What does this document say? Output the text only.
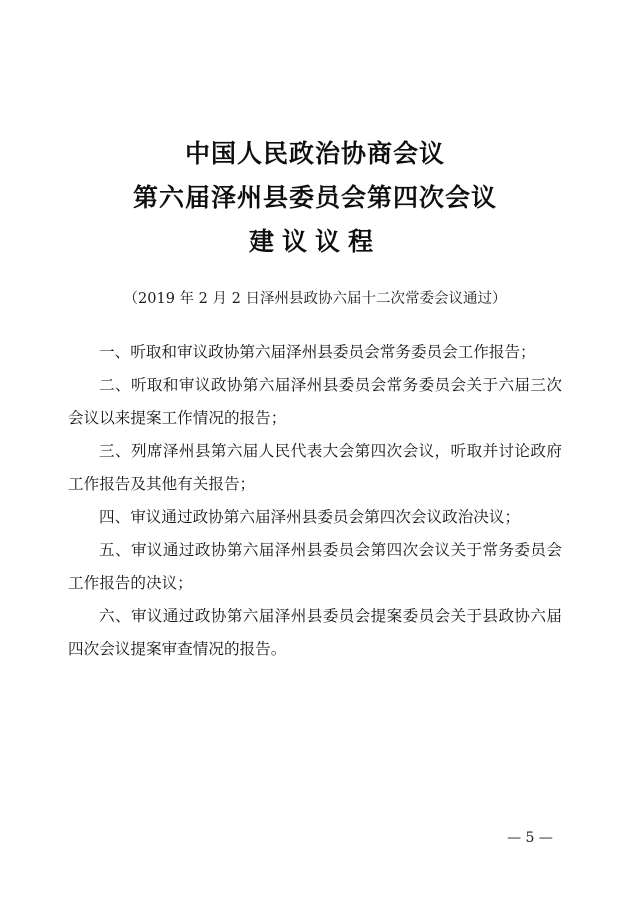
中国人民政治协商会议
第六届泽州县委员会第四次会议
建议议程
（2019 年 2 月 2 日泽州县政协六届十二次常委会议通过）

一、听取和审议政协第六届泽州县委员会常务委员会工作报告；

二、听取和审议政协第六届泽州县委员会常务委员会关于六届三次会议以来提案工作情况的报告；

三、列席泽州县第六届人民代表大会第四次会议，听取并讨论政府工作报告及其他有关报告；

四、审议通过政协第六届泽州县委员会第四次会议政治决议；

五、审议通过政协第六届泽州县委员会第四次会议关于常务委员会工作报告的决议；

六、审议通过政协第六届泽州县委员会提案委员会关于县政协六届四次会议提案审查情况的报告。

— 5 —
